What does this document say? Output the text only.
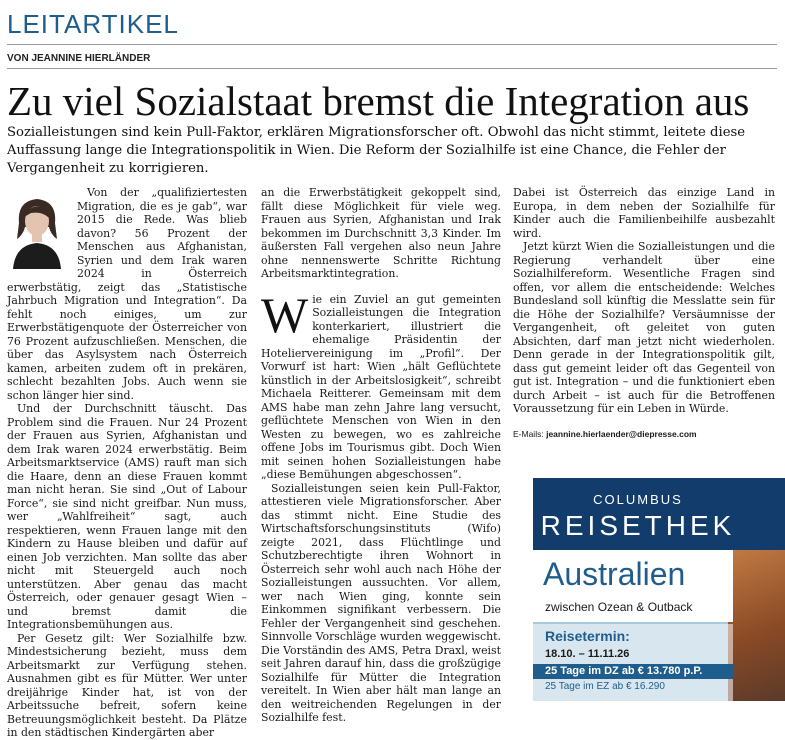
LEITARTIKEL
VON JEANNINE HIERLÄNDER
Zu viel Sozialstaat bremst die Integration aus
Sozialleistungen sind kein Pull-Faktor, erklären Migrationsforscher oft. Obwohl das nicht stimmt, leitete diese Auffassung lange die Integrationspolitik in Wien. Die Reform der Sozialhilfe ist eine Chance, die Fehler der Vergangenheit zu korrigieren.

Von der „qualifiziertesten Migration, die es je gab“, war 2015 die Rede. Was blieb davon? 56 Prozent der Menschen aus Afghanistan, Syrien und dem Irak waren 2024 in Österreich erwerbstätig, zeigt das „Statistische Jahrbuch Migration und Integration“. Da fehlt noch einiges, um zur Erwerbstätigenquote der Österreicher von 76 Prozent aufzuschließen. Menschen, die über das Asylsystem nach Österreich kamen, arbeiten zudem oft in prekären, schlecht bezahlten Jobs. Auch wenn sie schon länger hier sind.

Und der Durchschnitt täuscht. Das Problem sind die Frauen. Nur 24 Prozent der Frauen aus Syrien, Afghanistan und dem Irak waren 2024 erwerbstätig. Beim Arbeitsmarktservice (AMS) rauft man sich die Haare, denn an diese Frauen kommt man nicht heran. Sie sind „Out of Labour Force“, sie sind nicht greifbar. Nun muss, wer „Wahlfreiheit“ sagt, auch respektieren, wenn Frauen lange mit den Kindern zu Hause bleiben und dafür auf einen Job verzichten. Man sollte das aber nicht mit Steuergeld auch noch unterstützen. Aber genau das macht Österreich, oder genauer gesagt Wien – und bremst damit die Integrationsbemühungen aus.

Per Gesetz gilt: Wer Sozialhilfe bzw. Mindestsicherung bezieht, muss dem Arbeitsmarkt zur Verfügung stehen. Ausnahmen gibt es für Mütter. Wer unter dreijährige Kinder hat, ist von der Arbeitssuche befreit, sofern keine Betreuungsmöglichkeit besteht. Da Plätze in den städtischen Kindergärten aber

an die Erwerbstätigkeit gekoppelt sind, fällt diese Möglichkeit für viele weg. Frauen aus Syrien, Afghanistan und Irak bekommen im Durchschnitt 3,3 Kinder. Im äußersten Fall vergehen also neun Jahre ohne nennenswerte Schritte Richtung Arbeitsmarktintegration.

Wie ein Zuviel an gut gemeinten Sozialleistungen die Integration konterkariert, illustriert die ehemalige Präsidentin der Hoteliervereinigung im „Profil“. Der Vorwurf ist hart: Wien „hält Geflüchtete künstlich in der Arbeitslosigkeit“, schreibt Michaela Reitterer. Gemeinsam mit dem AMS habe man zehn Jahre lang versucht, geflüchtete Menschen von Wien in den Westen zu bewegen, wo es zahlreiche offene Jobs im Tourismus gibt. Doch Wien mit seinen hohen Sozialleistungen habe „diese Bemühungen abgeschossen“.

Sozialleistungen seien kein Pull-Faktor, attestieren viele Migrationsforscher. Aber das stimmt nicht. Eine Studie des Wirtschaftsforschungsinstituts (Wifo) zeigte 2021, dass Flüchtlinge und Schutzberechtigte ihren Wohnort in Österreich sehr wohl auch nach Höhe der Sozialleistungen aussuchten. Vor allem, wer nach Wien ging, konnte sein Einkommen signifikant verbessern. Die Fehler der Vergangenheit sind geschehen. Sinnvolle Vorschläge wurden weggewischt. Die Vorständin des AMS, Petra Draxl, weist seit Jahren darauf hin, dass die großzügige Sozialhilfe für Mütter die Integration vereitelt. In Wien aber hält man lange an den weitreichenden Regelungen in der Sozialhilfe fest.

Dabei ist Österreich das einzige Land in Europa, in dem neben der Sozialhilfe für Kinder auch die Familienbeihilfe ausbezahlt wird.

Jetzt kürzt Wien die Sozialleistungen und die Regierung verhandelt über eine Sozialhilfereform. Wesentliche Fragen sind offen, vor allem die entscheidende: Welches Bundesland soll künftig die Messlatte sein für die Höhe der Sozialhilfe? Versäumnisse der Vergangenheit, oft geleitet von guten Absichten, darf man jetzt nicht wiederholen. Denn gerade in der Integrationspolitik gilt, dass gut gemeint leider oft das Gegenteil von gut ist. Integration – und die funktioniert eben durch Arbeit – ist auch für die Betroffenen Voraussetzung für ein Leben in Würde.

E-Mails: jeannine.hierlaender@diepresse.com
COLUMBUS
REISETHEK
Australien
zwischen Ozean & Outback
Reisetermin:
18.10. – 11.11.26
25 Tage im DZ ab € 13.780 p.P.
25 Tage im EZ ab € 16.290
